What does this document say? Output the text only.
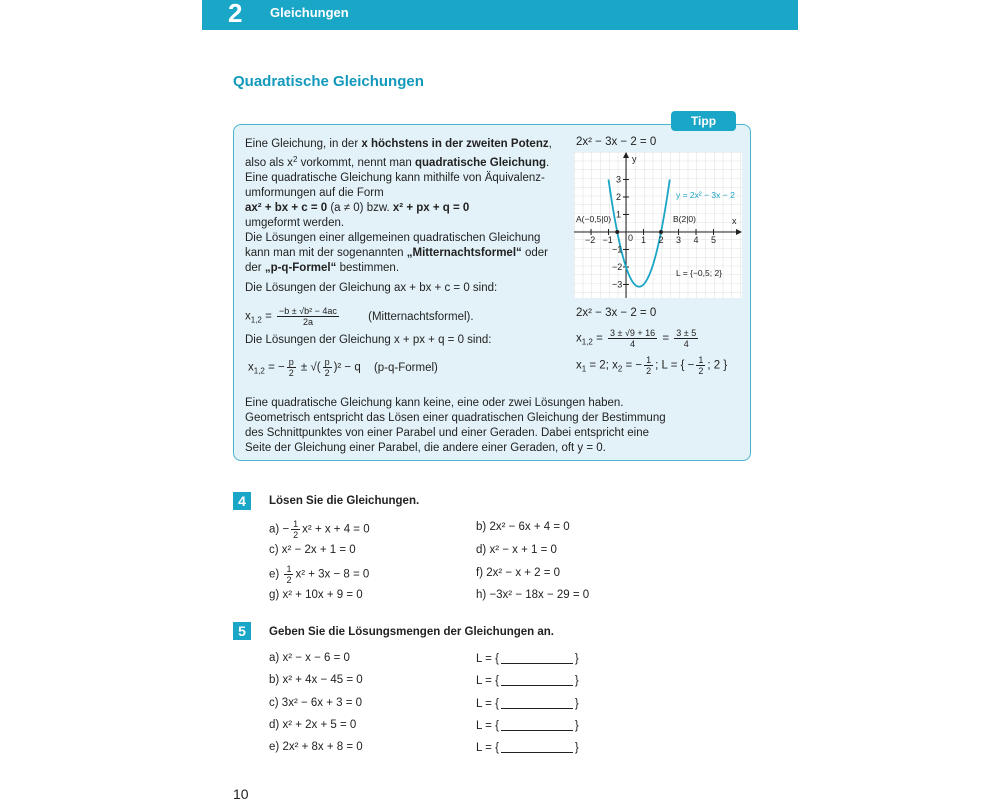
2 Gleichungen
Quadratische Gleichungen
Tipp
Eine Gleichung, in der x höchstens in der zweiten Potenz,
also als $x^2$ vorkommt, nennt man quadratische Gleichung.
Eine quadratische Gleichung kann mithilfe von Äquivalenz-
umformungen auf die Form
ax² + bx + c = 0 (a ≠ 0) bzw. x² + px + q = 0
umgeformt werden.
Die Lösungen einer allgemeinen quadratischen Gleichung
kann man mit der sogenannten „Mitternachtsformel“ oder
der „p-q-Formel“ bestimmen.
Die Lösungen der Gleichung ax + bx + c = 0 sind:
$x_{1,2} = \frac{\text{−b ± √b² − 4ac}}{2a}$	(Mitternachtsformel).
Die Lösungen der Gleichung x + px + q = 0 sind:
$x_{1,2}$ = − $\frac{p}{2}$ ± √( $\frac{p}{2} )^2 - q$ (p-q-Formel)
Eine quadratische Gleichung kann keine, eine oder zwei Lösungen haben.
Geometrisch entspricht das Lösen einer quadratischen Gleichung der Bestimmung
des Schnittpunktes von einer Parabel und einer Geraden. Dabei entspricht eine
Seite der Gleichung einer Parabel, die andere einer Geraden, oft y = 0.
2x² − 3x − 2 = 0
−2 −1	1 2 3 4 5
3
2
1
−1
−2
−3
0
y
x
A(−0,5|0)	B(2|0)
y = 2x² − 3x − 2
L = {−0,5; 2}
2x² − 3x − 2 = 0
$x_{1,2} = \frac{3 \pm √9 + 16}{4} = \frac{3 \pm 5}{4}$
$x_1 = 2$; $x_2$ = − $\frac{1}{2}$ ; L = { − $\frac{1}{2}$ ; 2 }
4	Lösen Sie die Gleichungen.
$a) - \frac{1}{2} x^2 + x + 4 = 0$	b) 2x² − 6x + 4 = 0
c) x² − 2x + 1 = 0	d) x² − x + 1 = 0
$e) \frac{1}{2} x^2 + 3x - 8 = 0$	f) 2x² − x + 2 = 0
g) x² + 10x + 9 = 0	h) −3x² − 18x − 29 = 0
5	Geben Sie die Lösungsmengen der Gleichungen an.
a) x² − x − 6 = 0	L = {	}
b) x² + 4x − 45 = 0	L = {	}
c) 3x² − 6x + 3 = 0	L = {	}
d) x² + 2x + 5 = 0	L = {	}
e) 2x² + 8x + 8 = 0	L = {	}
10
